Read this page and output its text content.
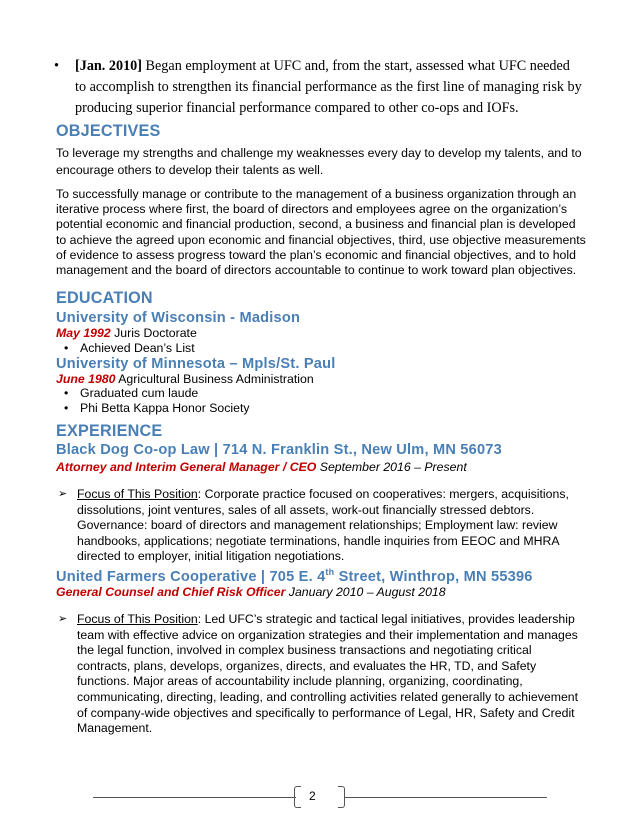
• [Jan. 2010] Began employment at UFC and, from the start, assessed what UFC needed to accomplish to strengthen its financial performance as the first line of managing risk by producing superior financial performance compared to other co-ops and IOFs.
OBJECTIVES
To leverage my strengths and challenge my weaknesses every day to develop my talents, and to encourage others to develop their talents as well.
To successfully manage or contribute to the management of a business organization through an iterative process where first, the board of directors and employees agree on the organization’s potential economic and financial production, second, a business and financial plan is developed to achieve the agreed upon economic and financial objectives, third, use objective measurements of evidence to assess progress toward the plan’s economic and financial objectives, and to hold management and the board of directors accountable to continue to work toward plan objectives.
EDUCATION
University of Wisconsin - Madison
May 1992 Juris Doctorate
• Achieved Dean’s List
University of Minnesota – Mpls/St. Paul
June 1980 Agricultural Business Administration
• Graduated cum laude
• Phi Betta Kappa Honor Society
EXPERIENCE
Black Dog Co-op Law | 714 N. Franklin St., New Ulm, MN 56073
Attorney and Interim General Manager / CEO September 2016 – Present
➢ Focus of This Position: Corporate practice focused on cooperatives: mergers, acquisitions, dissolutions, joint ventures, sales of all assets, work-out financially stressed debtors. Governance: board of directors and management relationships; Employment law: review handbooks, applications; negotiate terminations, handle inquiries from EEOC and MHRA directed to employer, initial litigation negotiations.
United Farmers Cooperative | 705 E. 4th Street, Winthrop, MN 55396
General Counsel and Chief Risk Officer January 2010 – August 2018
➢ Focus of This Position: Led UFC’s strategic and tactical legal initiatives, provides leadership team with effective advice on organization strategies and their implementation and manages the legal function, involved in complex business transactions and negotiating critical contracts, plans, develops, organizes, directs, and evaluates the HR, TD, and Safety functions. Major areas of accountability include planning, organizing, coordinating, communicating, directing, leading, and controlling activities related generally to achievement of company-wide objectives and specifically to performance of Legal, HR, Safety and Credit Management.
2
